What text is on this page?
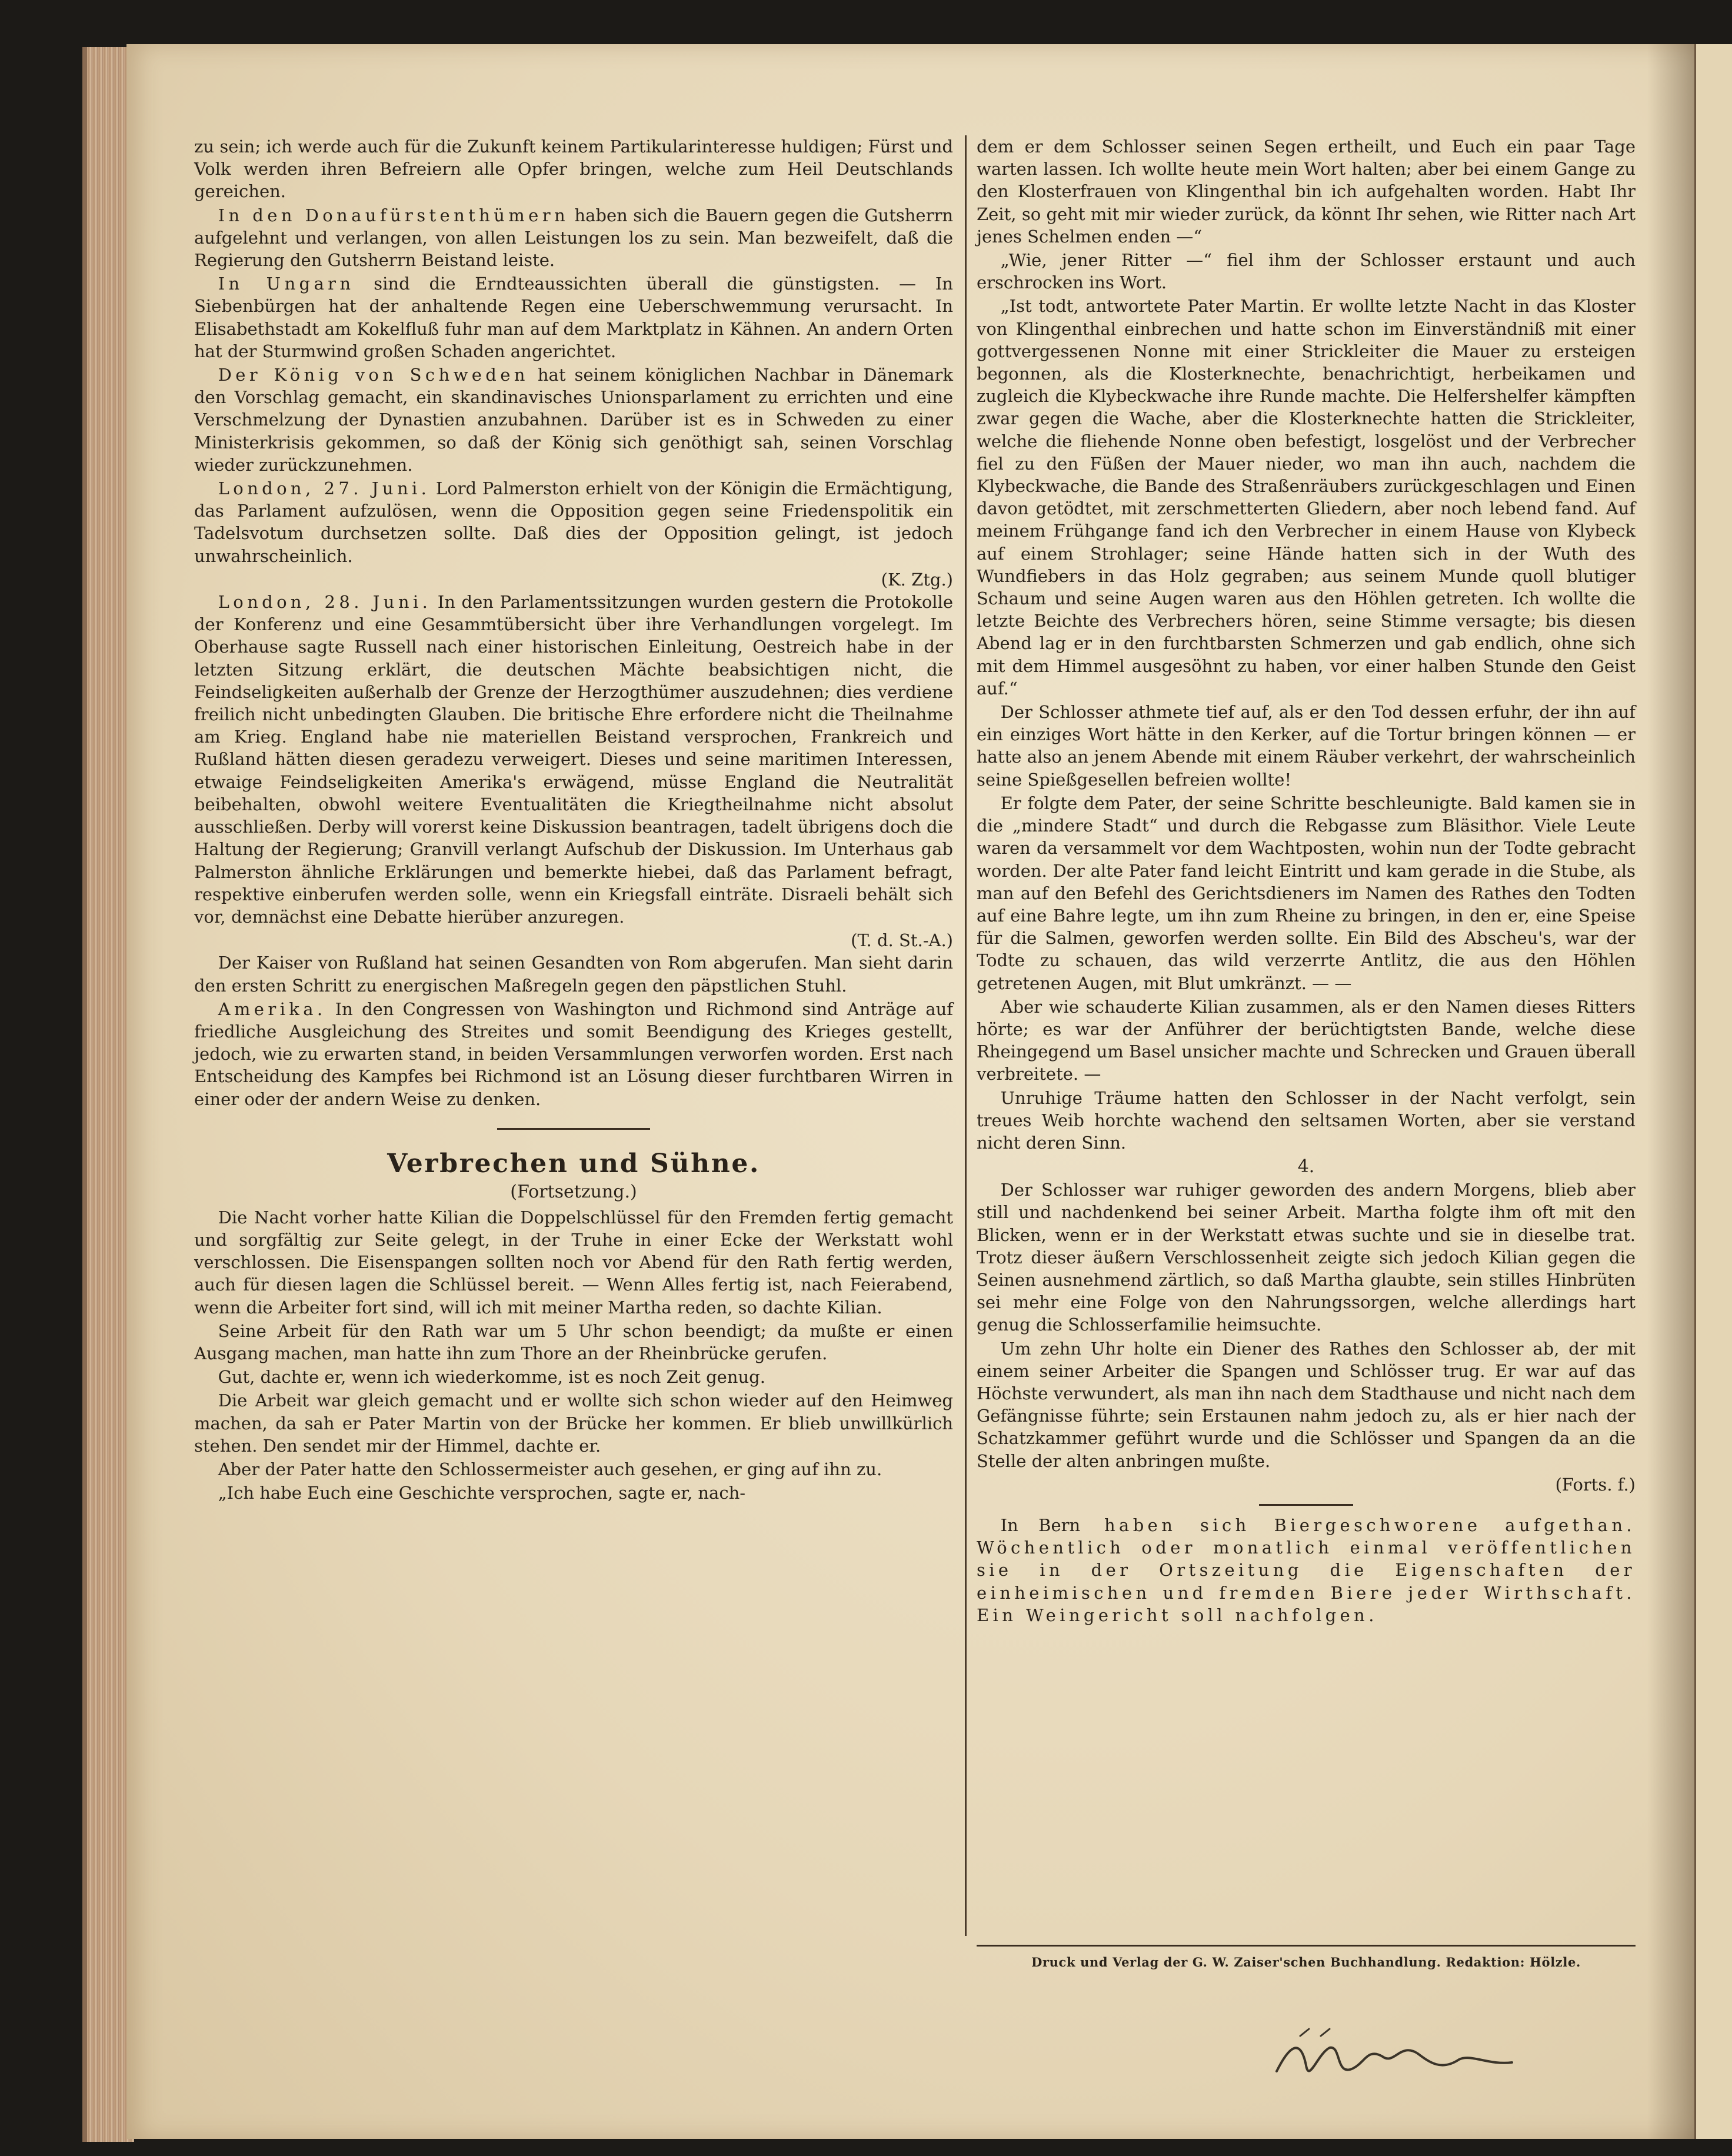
zu sein; ich werde auch für die Zukunft keinem Partikularinteresse huldigen; Fürst und Volk werden ihren Befreiern alle Opfer bringen, welche zum Heil Deutschlands gereichen.

In den Donaufürstenthümern haben sich die Bauern gegen die Gutsherrn aufgelehnt und verlangen, von allen Leistungen los zu sein. Man bezweifelt, daß die Regierung den Gutsherrn Beistand leiste.

In Ungarn sind die Erndteaussichten überall die günstigsten. — In Siebenbürgen hat der anhaltende Regen eine Ueberschwemmung verursacht. In Elisabethstadt am Kokelfluß fuhr man auf dem Marktplatz in Kähnen. An andern Orten hat der Sturmwind großen Schaden angerichtet.

Der König von Schweden hat seinem königlichen Nachbar in Dänemark den Vorschlag gemacht, ein skandinavisches Unionsparlament zu errichten und eine Verschmelzung der Dynastien anzubahnen. Darüber ist es in Schweden zu einer Ministerkrisis gekommen, so daß der König sich genöthigt sah, seinen Vorschlag wieder zurückzunehmen.

London, 27. Juni. Lord Palmerston erhielt von der Königin die Ermächtigung, das Parlament aufzulösen, wenn die Opposition gegen seine Friedenspolitik ein Tadelsvotum durchsetzen sollte. Daß dies der Opposition gelingt, ist jedoch unwahrscheinlich.

(K. Ztg.)

London, 28. Juni. In den Parlamentssitzungen wurden gestern die Protokolle der Konferenz und eine Gesammtübersicht über ihre Verhandlungen vorgelegt. Im Oberhause sagte Russell nach einer historischen Einleitung, Oestreich habe in der letzten Sitzung erklärt, die deutschen Mächte beabsichtigen nicht, die Feindseligkeiten außerhalb der Grenze der Herzogthümer auszudehnen; dies verdiene freilich nicht unbedingten Glauben. Die britische Ehre erfordere nicht die Theilnahme am Krieg. England habe nie materiellen Beistand versprochen, Frankreich und Rußland hätten diesen geradezu verweigert. Dieses und seine maritimen Interessen, etwaige Feindseligkeiten Amerika's erwägend, müsse England die Neutralität beibehalten, obwohl weitere Eventualitäten die Kriegtheilnahme nicht absolut ausschließen. Derby will vorerst keine Diskussion beantragen, tadelt übrigens doch die Haltung der Regierung; Granvill verlangt Aufschub der Diskussion. Im Unterhaus gab Palmerston ähnliche Erklärungen und bemerkte hiebei, daß das Parlament befragt, respektive einberufen werden solle, wenn ein Kriegsfall einträte. Disraeli behält sich vor, demnächst eine Debatte hierüber anzuregen.

(T. d. St.-A.)

Der Kaiser von Rußland hat seinen Gesandten von Rom abgerufen. Man sieht darin den ersten Schritt zu energischen Maßregeln gegen den päpstlichen Stuhl.

Amerika. In den Congressen von Washington und Richmond sind Anträge auf friedliche Ausgleichung des Streites und somit Beendigung des Krieges gestellt, jedoch, wie zu erwarten stand, in beiden Versammlungen verworfen worden. Erst nach Entscheidung des Kampfes bei Richmond ist an Lösung dieser furchtbaren Wirren in einer oder der andern Weise zu denken.

Verbrechen und Sühne.
(Fortsetzung.)

Die Nacht vorher hatte Kilian die Doppelschlüssel für den Fremden fertig gemacht und sorgfältig zur Seite gelegt, in der Truhe in einer Ecke der Werkstatt wohl verschlossen. Die Eisenspangen sollten noch vor Abend für den Rath fertig werden, auch für diesen lagen die Schlüssel bereit. — Wenn Alles fertig ist, nach Feierabend, wenn die Arbeiter fort sind, will ich mit meiner Martha reden, so dachte Kilian.

Seine Arbeit für den Rath war um 5 Uhr schon beendigt; da mußte er einen Ausgang machen, man hatte ihn zum Thore an der Rheinbrücke gerufen.

Gut, dachte er, wenn ich wiederkomme, ist es noch Zeit genug.

Die Arbeit war gleich gemacht und er wollte sich schon wieder auf den Heimweg machen, da sah er Pater Martin von der Brücke her kommen. Er blieb unwillkürlich stehen. Den sendet mir der Himmel, dachte er.

Aber der Pater hatte den Schlossermeister auch gesehen, er ging auf ihn zu.

„Ich habe Euch eine Geschichte versprochen, sagte er, nach-

dem er dem Schlosser seinen Segen ertheilt, und Euch ein paar Tage warten lassen. Ich wollte heute mein Wort halten; aber bei einem Gange zu den Klosterfrauen von Klingenthal bin ich aufgehalten worden. Habt Ihr Zeit, so geht mit mir wieder zurück, da könnt Ihr sehen, wie Ritter nach Art jenes Schelmen enden —“

„Wie, jener Ritter —“ fiel ihm der Schlosser erstaunt und auch erschrocken ins Wort.

„Ist todt, antwortete Pater Martin. Er wollte letzte Nacht in das Kloster von Klingenthal einbrechen und hatte schon im Einverständniß mit einer gottvergessenen Nonne mit einer Strickleiter die Mauer zu ersteigen begonnen, als die Klosterknechte, benachrichtigt, herbeikamen und zugleich die Klybeckwache ihre Runde machte. Die Helfershelfer kämpften zwar gegen die Wache, aber die Klosterknechte hatten die Strickleiter, welche die fliehende Nonne oben befestigt, losgelöst und der Verbrecher fiel zu den Füßen der Mauer nieder, wo man ihn auch, nachdem die Klybeckwache, die Bande des Straßenräubers zurückgeschlagen und Einen davon getödtet, mit zerschmetterten Gliedern, aber noch lebend fand. Auf meinem Frühgange fand ich den Verbrecher in einem Hause von Klybeck auf einem Strohlager; seine Hände hatten sich in der Wuth des Wundfiebers in das Holz gegraben; aus seinem Munde quoll blutiger Schaum und seine Augen waren aus den Höhlen getreten. Ich wollte die letzte Beichte des Verbrechers hören, seine Stimme versagte; bis diesen Abend lag er in den furchtbarsten Schmerzen und gab endlich, ohne sich mit dem Himmel ausgesöhnt zu haben, vor einer halben Stunde den Geist auf.“

Der Schlosser athmete tief auf, als er den Tod dessen erfuhr, der ihn auf ein einziges Wort hätte in den Kerker, auf die Tortur bringen können — er hatte also an jenem Abende mit einem Räuber verkehrt, der wahrscheinlich seine Spießgesellen befreien wollte!

Er folgte dem Pater, der seine Schritte beschleunigte. Bald kamen sie in die „mindere Stadt“ und durch die Rebgasse zum Bläsithor. Viele Leute waren da versammelt vor dem Wachtposten, wohin nun der Todte gebracht worden. Der alte Pater fand leicht Eintritt und kam gerade in die Stube, als man auf den Befehl des Gerichtsdieners im Namen des Rathes den Todten auf eine Bahre legte, um ihn zum Rheine zu bringen, in den er, eine Speise für die Salmen, geworfen werden sollte. Ein Bild des Abscheu's, war der Todte zu schauen, das wild verzerrte Antlitz, die aus den Höhlen getretenen Augen, mit Blut umkränzt. — —

Aber wie schauderte Kilian zusammen, als er den Namen dieses Ritters hörte; es war der Anführer der berüchtigtsten Bande, welche diese Rheingegend um Basel unsicher machte und Schrecken und Grauen überall verbreitete. —

Unruhige Träume hatten den Schlosser in der Nacht verfolgt, sein treues Weib horchte wachend den seltsamen Worten, aber sie verstand nicht deren Sinn.

4.

Der Schlosser war ruhiger geworden des andern Morgens, blieb aber still und nachdenkend bei seiner Arbeit. Martha folgte ihm oft mit den Blicken, wenn er in der Werkstatt etwas suchte und sie in dieselbe trat. Trotz dieser äußern Verschlossenheit zeigte sich jedoch Kilian gegen die Seinen ausnehmend zärtlich, so daß Martha glaubte, sein stilles Hinbrüten sei mehr eine Folge von den Nahrungssorgen, welche allerdings hart genug die Schlosserfamilie heimsuchte.

Um zehn Uhr holte ein Diener des Rathes den Schlosser ab, der mit einem seiner Arbeiter die Spangen und Schlösser trug. Er war auf das Höchste verwundert, als man ihn nach dem Stadthause und nicht nach dem Gefängnisse führte; sein Erstaunen nahm jedoch zu, als er hier nach der Schatzkammer geführt wurde und die Schlösser und Spangen da an die Stelle der alten anbringen mußte.

(Forts. f.)

In Bern haben sich Biergeschworene aufgethan. Wöchentlich oder monatlich einmal veröffentlichen sie in der Ortszeitung die Eigenschaften der einheimischen und fremden Biere jeder Wirthschaft. Ein Weingericht soll nachfolgen.

Druck und Verlag der G. W. Zaiser'schen Buchhandlung. Redaktion: Hölzle.
